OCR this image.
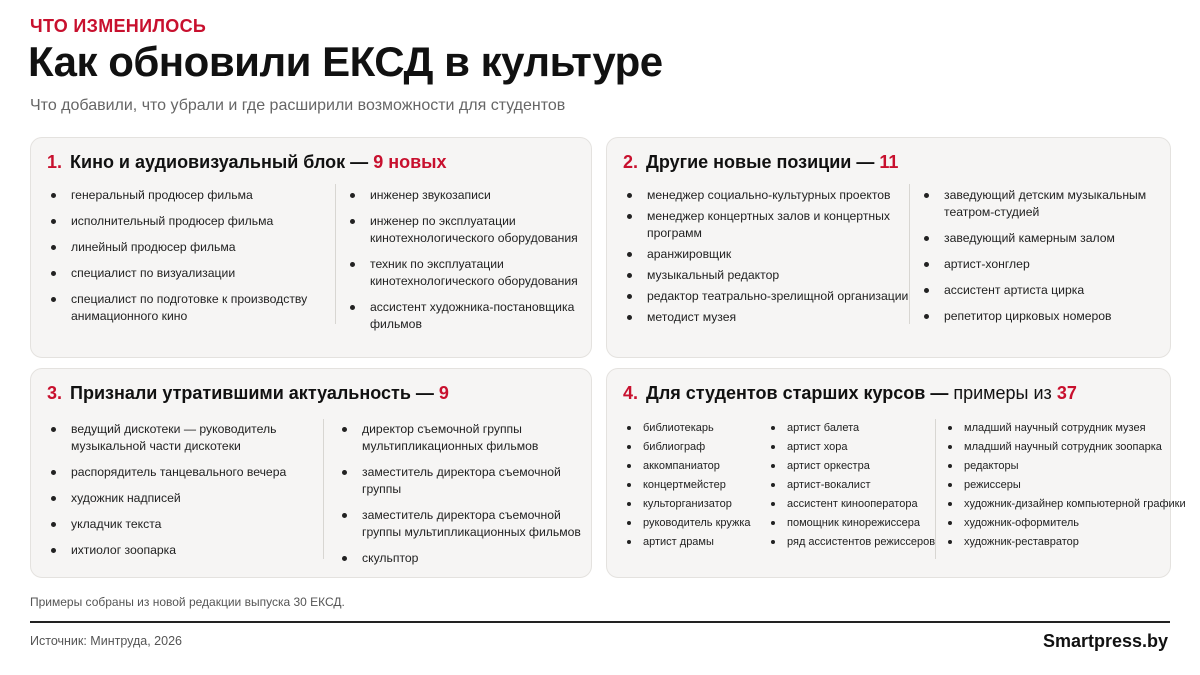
ЧТО ИЗМЕНИЛОСЬ
Как обновили ЕКСД в культуре
Что добавили, что убрали и где расширили возможности для студентов
1. Кино и аудиовизуальный блок — 9 новых
генеральный продюсер фильма
исполнительный продюсер фильма
линейный продюсер фильма
специалист по визуализации
специалист по подготовке к производству анимационного кино
инженер звукозаписи
инженер по эксплуатации кинотехнологического оборудования
техник по эксплуатации кинотехнологического оборудования
ассистент художника-постановщика фильмов
2. Другие новые позиции — 11
менеджер социально-культурных проектов
менеджер концертных залов и концертных программ
аранжировщик
музыкальный редактор
редактор театрально-зрелищной организации
методист музея
заведующий детским музыкальным театром-студией
заведующий камерным залом
артист-хонглер
ассистент артиста цирка
репетитор цирковых номеров
3. Признали утратившими актуальность — 9
ведущий дискотеки — руководитель музыкальной части дискотеки
распорядитель танцевального вечера
художник надписей
укладчик текста
ихтиолог зоопарка
директор съемочной группы мультипликационных фильмов
заместитель директора съемочной группы
заместитель директора съемочной группы мультипликационных фильмов
скульптор
4. Для студентов старших курсов — примеры из 37
библиотекарь
библиограф
аккомпаниатор
концертмейстер
культорганизатор
руководитель кружка
артист драмы
артист балета
артист хора
артист оркестра
артист-вокалист
ассистент кинооператора
помощник кинорежиссера
ряд ассистентов режиссеров
младший научный сотрудник музея
младший научный сотрудник зоопарка
редакторы
режиссеры
художник-дизайнер компьютерной графики
художник-оформитель
художник-реставратор
Примеры собраны из новой редакции выпуска 30 ЕКСД.
Источник: Минтруда, 2026	Smartpress.by
